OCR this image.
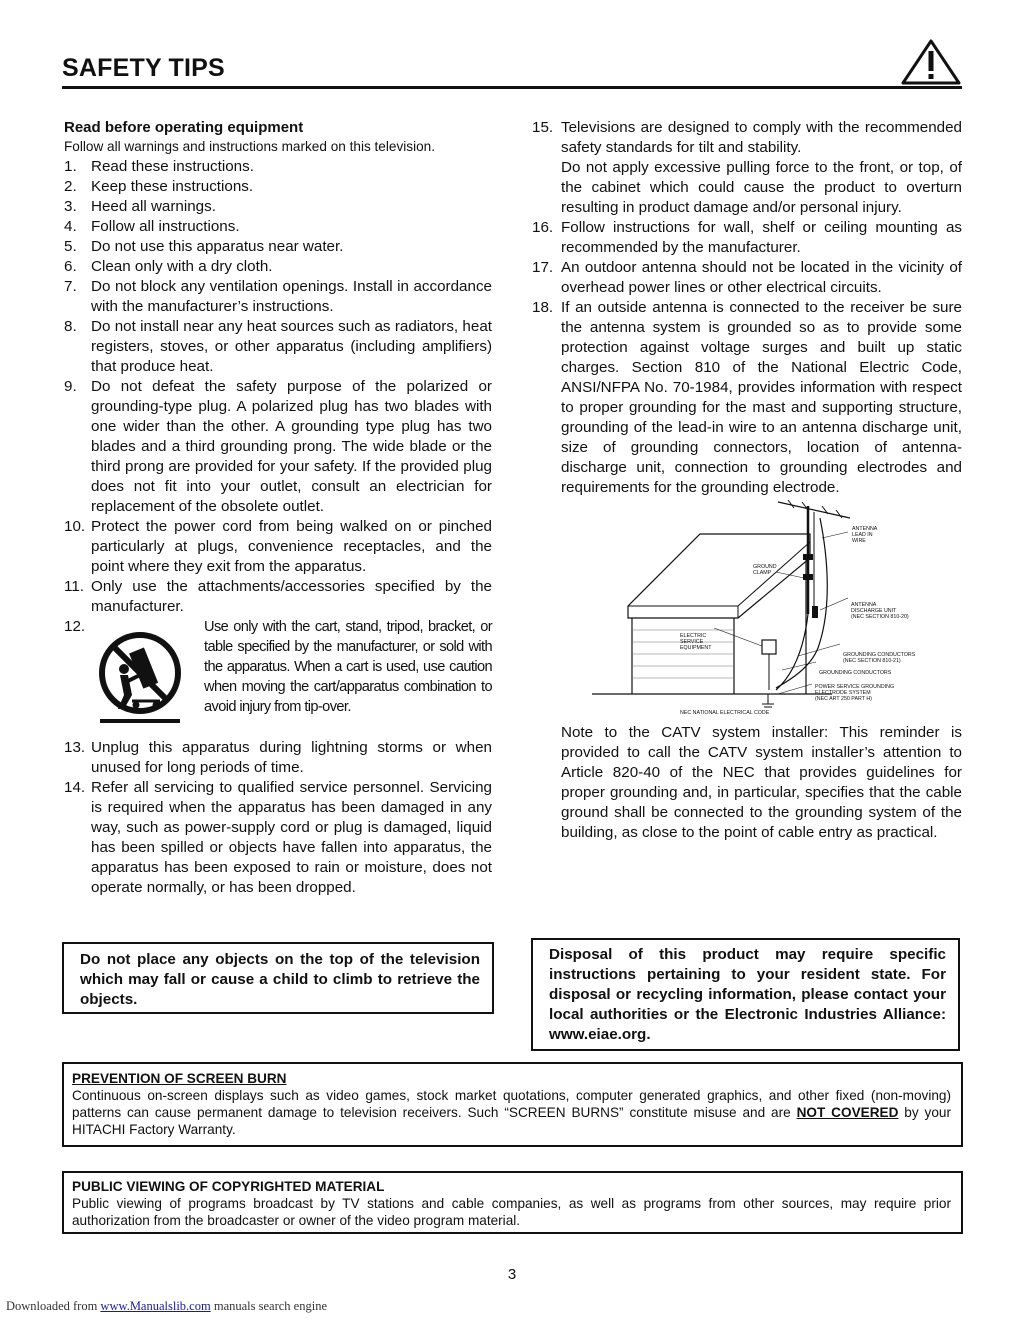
SAFETY TIPS
Read before operating equipment
Follow all warnings and instructions marked on this television.
1. Read these instructions.
2. Keep these instructions.
3. Heed all warnings.
4. Follow all instructions.
5. Do not use this apparatus near water.
6. Clean only with a dry cloth.
7. Do not block any ventilation openings. Install in accordance with the manufacturer’s instructions.
8. Do not install near any heat sources such as radiators, heat registers, stoves, or other apparatus (including amplifiers) that produce heat.
9. Do not defeat the safety purpose of the polarized or grounding-type plug. A polarized plug has two blades with one wider than the other. A grounding type plug has two blades and a third grounding prong. The wide blade or the third prong are provided for your safety. If the provided plug does not fit into your outlet, consult an electrician for replacement of the obsolete outlet.
10. Protect the power cord from being walked on or pinched particularly at plugs, convenience receptacles, and the point where they exit from the apparatus.
11. Only use the attachments/accessories specified by the manufacturer.
12.	Use only with the cart, stand, tripod, bracket, or table specified by the manufacturer, or sold with the apparatus. When a cart is used, use caution when moving the cart/apparatus combination to avoid injury from tip-over.
13. Unplug this apparatus during lightning storms or when unused for long periods of time.
14. Refer all servicing to qualified service personnel. Servicing is required when the apparatus has been damaged in any way, such as power-supply cord or plug is damaged, liquid has been spilled or objects have fallen into apparatus, the apparatus has been exposed to rain or moisture, does not operate normally, or has been dropped.
15. Televisions are designed to comply with the recommended safety standards for tilt and stability.
Do not apply excessive pulling force to the front, or top, of the cabinet which could cause the product to overturn resulting in product damage and/or personal injury.
16. Follow instructions for wall, shelf or ceiling mounting as recommended by the manufacturer.
17. An outdoor antenna should not be located in the vicinity of overhead power lines or other electrical circuits.
18. If an outside antenna is connected to the receiver be sure the antenna system is grounded so as to provide some protection against voltage surges and built up static charges. Section 810 of the National Electric Code, ANSI/NFPA No. 70-1984, provides information with respect to proper grounding for the mast and supporting structure, grounding of the lead-in wire to an antenna discharge unit, size of grounding connectors, location of antenna-discharge unit, connection to grounding electrodes and requirements for the grounding electrode.
ANTENNA
LEAD IN
WIRE
GROUND
CLAMP
ANTENNA
DISCHARGE UNIT
(NEC SECTION 810-20)
ELECTRIC
SERVICE
EQUIPMENT
GROUNDING CONDUCTORS
(NEC SECTION 810-21)
GROUNDING CONDUCTORS
POWER SERVICE GROUNDING
ELECTRODE SYSTEM
(NEC ART 250 PART H)
NEC NATIONAL ELECTRICAL CODE
Note to the CATV system installer: This reminder is provided to call the CATV system installer’s attention to Article 820-40 of the NEC that provides guidelines for proper grounding and, in particular, specifies that the cable ground shall be connected to the grounding system of the building, as close to the point of cable entry as practical.
Do not place any objects on the top of the television which may fall or cause a child to climb to retrieve the objects.
Disposal of this product may require specific instructions pertaining to your resident state. For disposal or recycling information, please contact your local authorities or the Electronic Industries Alliance: www.eiae.org.
PREVENTION OF SCREEN BURN
Continuous on-screen displays such as video games, stock market quotations, computer generated graphics, and other fixed (non-moving) patterns can cause permanent damage to television receivers. Such “SCREEN BURNS” constitute misuse and are NOT COVERED by your HITACHI Factory Warranty.
PUBLIC VIEWING OF COPYRIGHTED MATERIAL
Public viewing of programs broadcast by TV stations and cable companies, as well as programs from other sources, may require prior authorization from the broadcaster or owner of the video program material.
3
Downloaded from www.Manualslib.com manuals search engine
